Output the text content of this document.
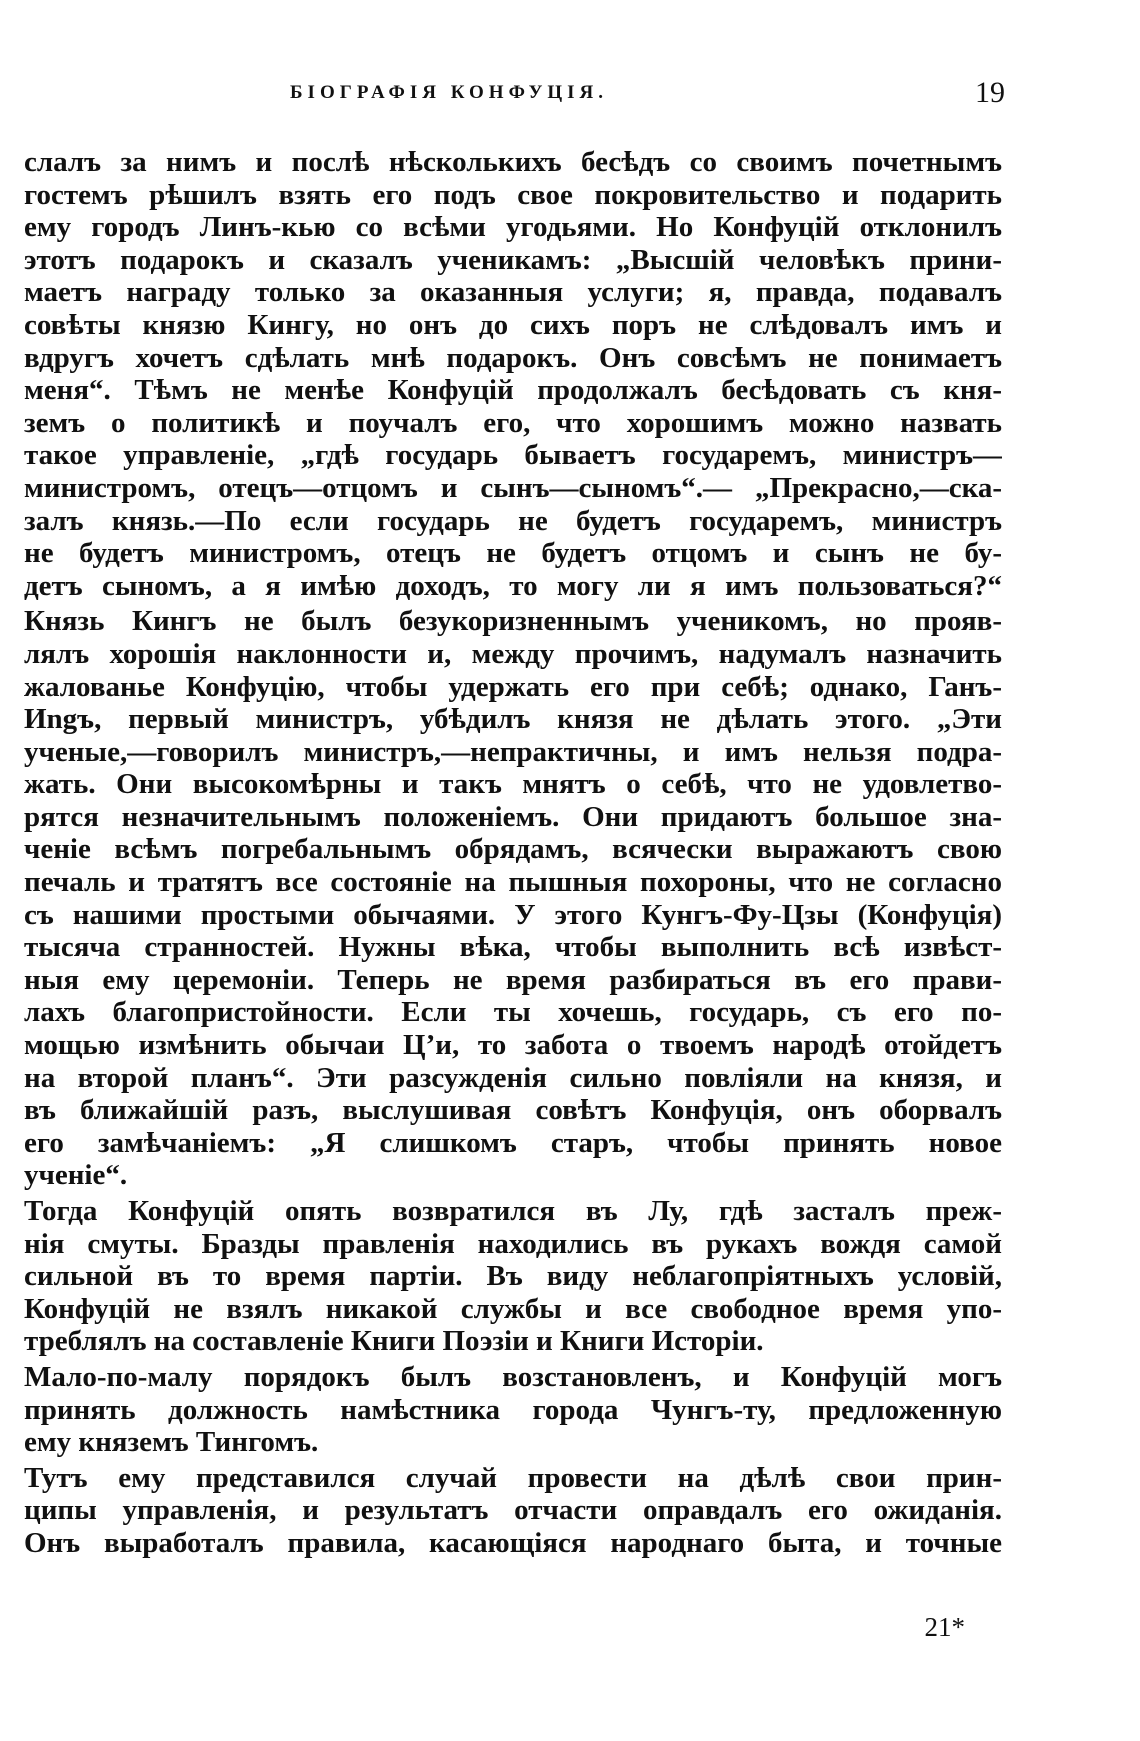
БІОГРАФІЯ КОНФУЦІЯ.	19

слалъ за нимъ и послѣ нѣсколькихъ бесѣдъ со своимъ почетнымъ
гостемъ рѣшилъ взять его подъ свое покровительство и подарить
ему городъ Линъ-кью со всѣми угодьями. Но Конфуцій отклонилъ
этотъ подарокъ и сказалъ ученикамъ: „Высшій человѣкъ прини-
маетъ награду только за оказанныя услуги; я, правда, подавалъ
совѣты князю Кингу, но онъ до сихъ поръ не слѣдовалъ имъ и
вдругъ хочетъ сдѣлать мнѣ подарокъ. Онъ совсѣмъ не понимаетъ
меня“. Тѣмъ не менѣе Конфуцій продолжалъ бесѣдовать съ кня-
земъ о политикѣ и поучалъ его, что хорошимъ можно назвать
такое управленіе, „гдѣ государь бываетъ государемъ, министръ—
министромъ, отецъ—отцомъ и сынъ—сыномъ“.— „Прекрасно,—ска-
залъ князь.—По если государь не будетъ государемъ, министръ
не будетъ министромъ, отецъ не будетъ отцомъ и сынъ не бу-
детъ сыномъ, а я имѣю доходъ, то могу ли я имъ пользоваться?“

Князь Кингъ не былъ безукоризненнымъ ученикомъ, но прояв-
лялъ хорошія наклонности и, между прочимъ, надумалъ назначить
жалованье Конфуцію, чтобы удержать его при себѣ; однако, Ганъ-
Иngъ, первый министръ, убѣдилъ князя не дѣлать этого. „Эти
ученые,—говорилъ министръ,—непрактичны, и имъ нельзя подра-
жать. Они высокомѣрны и такъ мнятъ о себѣ, что не удовлетво-
рятся незначительнымъ положеніемъ. Они придаютъ большое зна-
ченіе всѣмъ погребальнымъ обрядамъ, всячески выражаютъ свою
печаль и тратятъ все состояніе на пышныя похороны, что не согласно
съ нашими простыми обычаями. У этого Кунгъ-Фу-Цзы (Конфуція)
тысяча странностей. Нужны вѣка, чтобы выполнить всѣ извѣст-
ныя ему церемоніи. Теперь не время разбираться въ его прави-
лахъ благопристойности. Если ты хочешь, государь, съ его по-
мощью измѣнить обычаи Ц’и, то забота о твоемъ народѣ отойдетъ
на второй планъ“. Эти разсужденія сильно повліяли на князя, и
въ ближайшій разъ, выслушивая совѣтъ Конфуція, онъ оборвалъ
его замѣчаніемъ: „Я слишкомъ старъ, чтобы принять новое
ученіе“.

Тогда Конфуцій опять возвратился въ Лу, гдѣ засталъ преж-
нія смуты. Бразды правленія находились въ рукахъ вождя самой
сильной въ то время партіи. Въ виду неблагопріятныхъ условій,
Конфуцій не взялъ никакой службы и все свободное время упо-
треблялъ на составленіе Книги Поэзіи и Книги Исторіи.

Мало-по-малу порядокъ былъ возстановленъ, и Конфуцій могъ
принять должность намѣстника города Чунгъ-ту, предложенную
ему княземъ Тингомъ.

Тутъ ему представился случай провести на дѣлѣ свои прин-
ципы управленія, и результатъ отчасти оправдалъ его ожиданія.
Онъ выработалъ правила, касающіяся народнаго быта, и точные

21*
